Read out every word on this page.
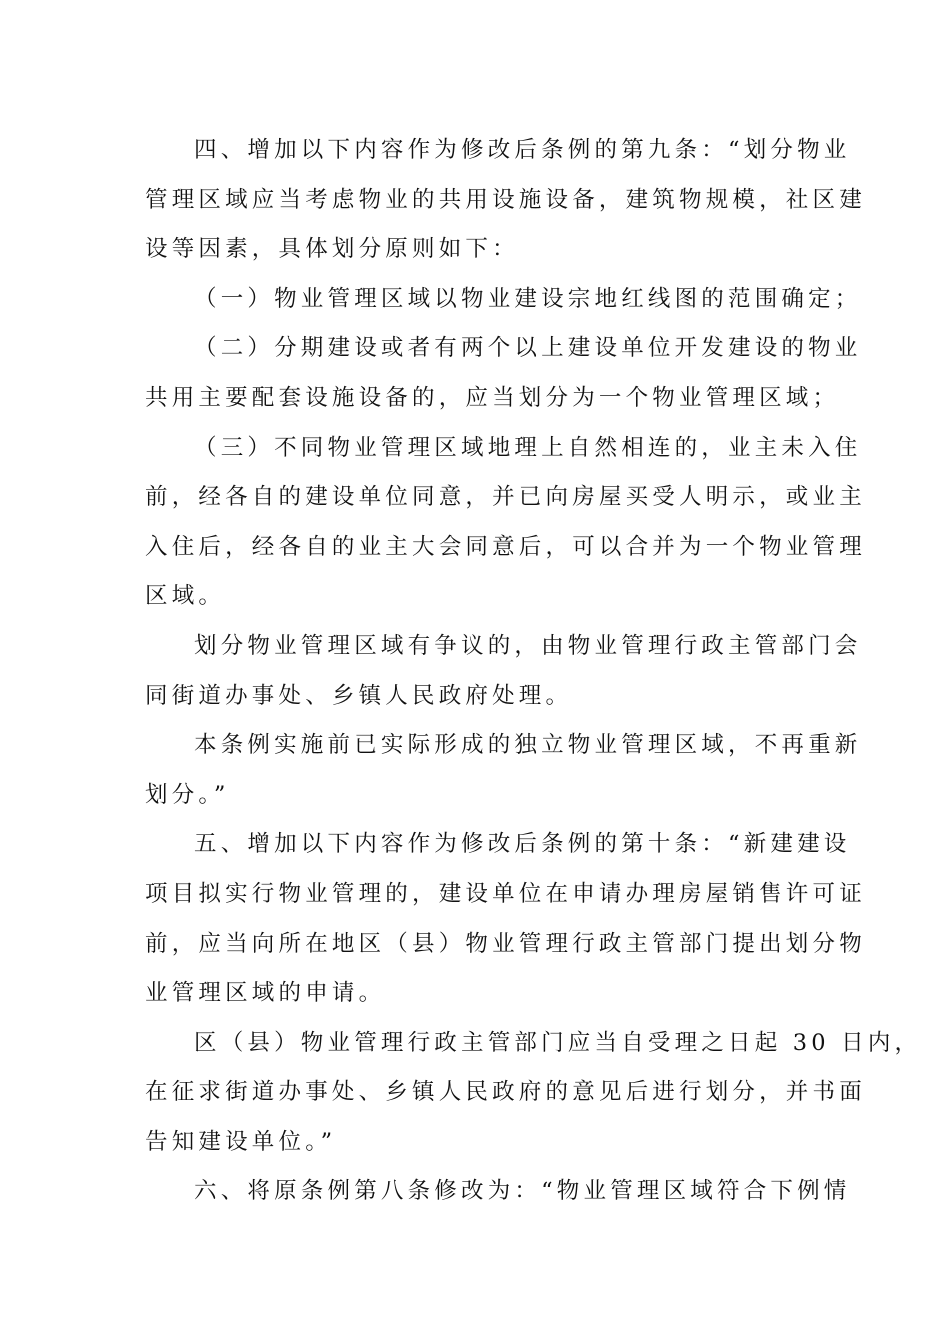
四、增加以下内容作为修改后条例的第九条：“划分物业
管理区域应当考虑物业的共用设施设备，建筑物规模，社区建
设等因素，具体划分原则如下：
（一）物业管理区域以物业建设宗地红线图的范围确定；
（二）分期建设或者有两个以上建设单位开发建设的物业
共用主要配套设施设备的，应当划分为一个物业管理区域；
（三）不同物业管理区域地理上自然相连的，业主未入住
前，经各自的建设单位同意，并已向房屋买受人明示，或业主
入住后，经各自的业主大会同意后，可以合并为一个物业管理
区域。
划分物业管理区域有争议的，由物业管理行政主管部门会
同街道办事处、乡镇人民政府处理。
本条例实施前已实际形成的独立物业管理区域，不再重新
划分。”
五、增加以下内容作为修改后条例的第十条：“新建建设
项目拟实行物业管理的，建设单位在申请办理房屋销售许可证
前，应当向所在地区（县）物业管理行政主管部门提出划分物
业管理区域的申请。
区（县）物业管理行政主管部门应当自受理之日起 30 日内，
在征求街道办事处、乡镇人民政府的意见后进行划分，并书面
告知建设单位。”
六、将原条例第八条修改为：“物业管理区域符合下例情
